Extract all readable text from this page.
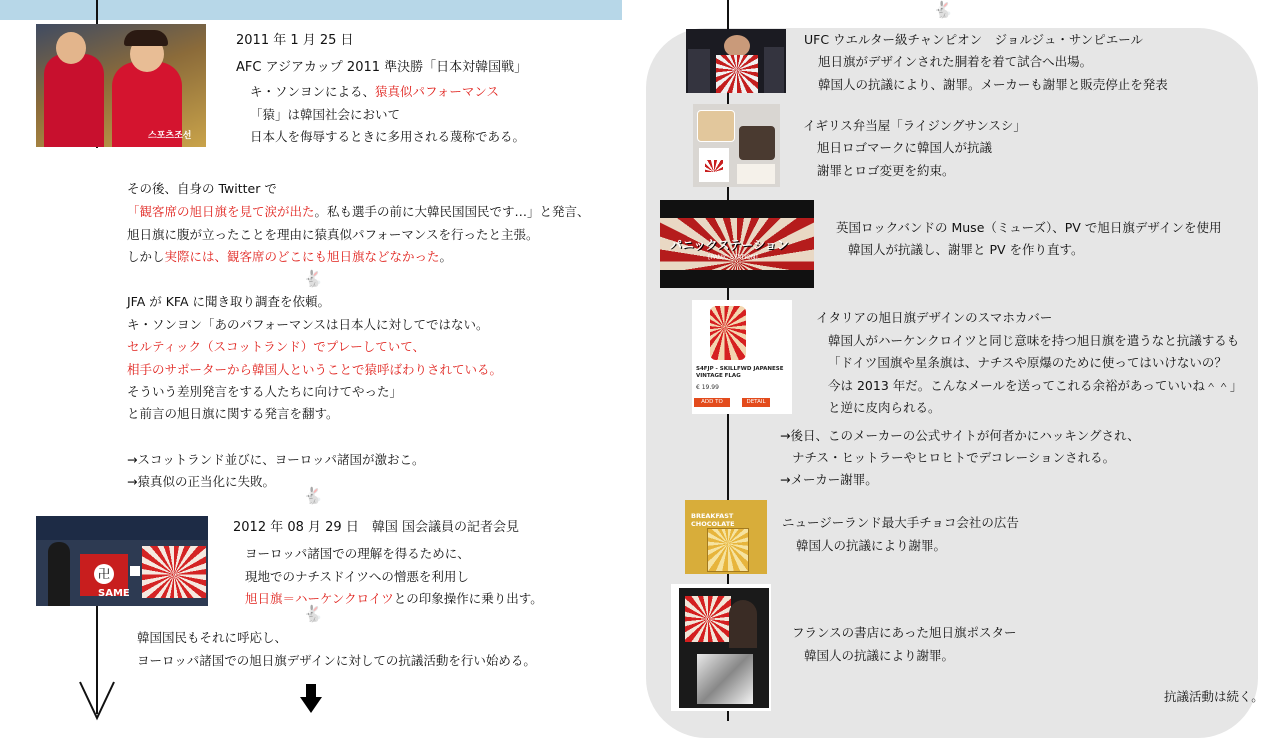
스포츠조선
2011 年 1 月 25 日
AFC アジアカップ 2011 準決勝「日本対韓国戦」
キ・ソンヨンによる、猿真似パフォーマンス
「猿」は韓国社会において
日本人を侮辱するときに多用される蔑称である。
その後、自身の Twitter で
「観客席の旭日旗を見て涙が出た。私も選手の前に大韓民国国民です…」と発言、
旭日旗に腹が立ったことを理由に猿真似パフォーマンスを行ったと主張。
しかし実際には、観客席のどこにも旭日旗などなかった。
🐇
JFA が KFA に聞き取り調査を依頼。
キ・ソンヨン「あのパフォーマンスは日本人に対してではない。
セルティック（スコットランド）でプレーしていて、
相手のサポーターから韓国人ということで猿呼ばわりされている。
そういう差別発言をする人たちに向けてやった」
と前言の旭日旗に関する発言を翻す。
→スコットランド並びに、ヨーロッパ諸国が激おこ。
→猿真似の正当化に失敗。
🐇
卍
SAME
2012 年 08 月 29 日　韓国 国会議員の記者会見
ヨーロッパ諸国での理解を得るために、
現地でのナチスドイツへの憎悪を利用し
旭日旗＝ハーケンクロイツとの印象操作に乗り出す。
🐇
韓国国民もそれに呼応し、
ヨーロッパ諸国での旭日旗デザインに対しての抗議活動を行い始める。
🐇
UFC ウエルター級チャンピオン　ジョルジュ・サンピエール
旭日旗がデザインされた胴着を着て試合へ出場。
韓国人の抗議により、謝罪。メーカーも謝罪と販売停止を発表
イギリス弁当屋「ライジングサンスシ」
旭日ロゴマークに韓国人が抗議
謝罪とロゴ変更を約束。
パニックステーション
[PANIC STATION]
英国ロックバンドの Muse（ミューズ）、PV で旭日旗デザインを使用
韓国人が抗議し、謝罪と PV を作り直す。
S4FJP - SKILLFWD JAPANESE VINTAGE FLAG
€ 19.99
ADD TO	DETAIL
イタリアの旭日旗デザインのスマホカバー
韓国人がハーケンクロイツと同じ意味を持つ旭日旗を遣うなと抗議するも
「ドイツ国旗や星条旗は、ナチスや原爆のために使ってはいけないの？
今は 2013 年だ。こんなメールを送ってこれる余裕があっていいね＾＾」
と逆に皮肉られる。
→後日、このメーカーの公式サイトが何者かにハッキングされ、
ナチス・ヒットラーやヒロヒトでデコレーションされる。
→メーカー謝罪。
BREAKFAST CHOCOLATE	ニュージーランド最大手チョコ会社の広告
韓国人の抗議により謝罪。
フランスの書店にあった旭日旗ポスター
韓国人の抗議により謝罪。
抗議活動は続く。
